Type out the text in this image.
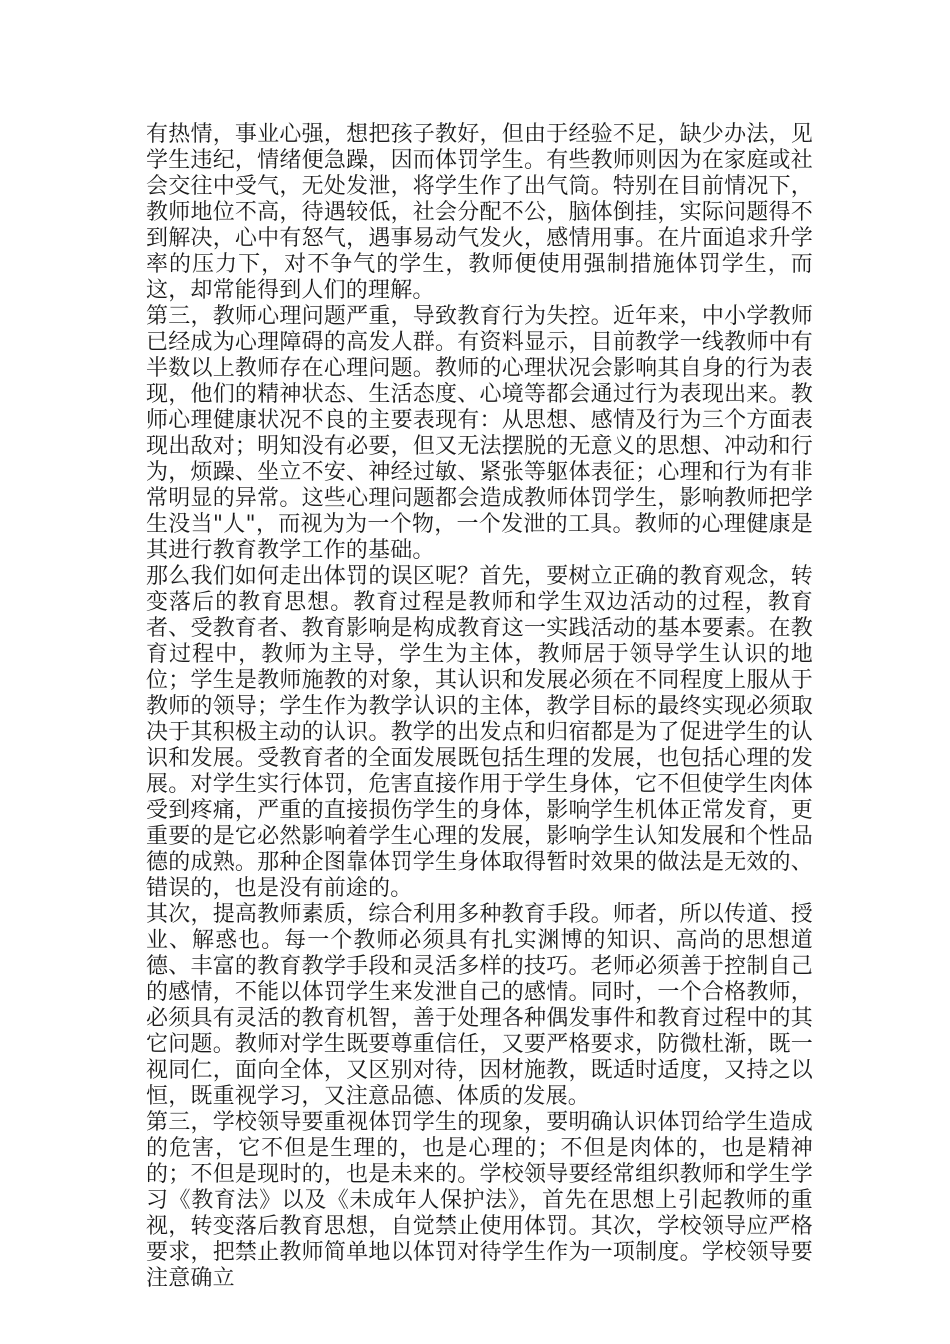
有热情，事业心强，想把孩子教好，但由于经验不足，缺少办法，见学生违纪，情绪便急躁，因而体罚学生。有些教师则因为在家庭或社会交往中受气，无处发泄，将学生作了出气筒。特别在目前情况下，教师地位不高，待遇较低，社会分配不公，脑体倒挂，实际问题得不到解决，心中有怒气，遇事易动气发火，感情用事。在片面追求升学率的压力下，对不争气的学生，教师便使用强制措施体罚学生，而这，却常能得到人们的理解。

第三，教师心理问题严重，导致教育行为失控。近年来，中小学教师已经成为心理障碍的高发人群。有资料显示，目前教学一线教师中有半数以上教师存在心理问题。教师的心理状况会影响其自身的行为表现，他们的精神状态、生活态度、心境等都会通过行为表现出来。教师心理健康状况不良的主要表现有：从思想、感情及行为三个方面表现出敌对；明知没有必要，但又无法摆脱的无意义的思想、冲动和行为，烦躁、坐立不安、神经过敏、紧张等躯体表征；心理和行为有非常明显的异常。这些心理问题都会造成教师体罚学生，影响教师把学生没当"人"，而视为为一个物，一个发泄的工具。教师的心理健康是其进行教育教学工作的基础。

那么我们如何走出体罚的误区呢？首先，要树立正确的教育观念，转变落后的教育思想。教育过程是教师和学生双边活动的过程，教育者、受教育者、教育影响是构成教育这一实践活动的基本要素。在教育过程中，教师为主导，学生为主体，教师居于领导学生认识的地位；学生是教师施教的对象，其认识和发展必须在不同程度上服从于教师的领导；学生作为教学认识的主体，教学目标的最终实现必须取决于其积极主动的认识。教学的出发点和归宿都是为了促进学生的认识和发展。受教育者的全面发展既包括生理的发展，也包括心理的发展。对学生实行体罚，危害直接作用于学生身体，它不但使学生肉体受到疼痛，严重的直接损伤学生的身体，影响学生机体正常发育，更重要的是它必然影响着学生心理的发展，影响学生认知发展和个性品德的成熟。那种企图靠体罚学生身体取得暂时效果的做法是无效的、错误的，也是没有前途的。

其次，提高教师素质，综合利用多种教育手段。师者，所以传道、授业、解惑也。每一个教师必须具有扎实渊博的知识、高尚的思想道德、丰富的教育教学手段和灵活多样的技巧。老师必须善于控制自己的感情，不能以体罚学生来发泄自己的感情。同时，一个合格教师，必须具有灵活的教育机智，善于处理各种偶发事件和教育过程中的其它问题。教师对学生既要尊重信任，又要严格要求，防微杜渐，既一视同仁，面向全体，又区别对待，因材施教，既适时适度，又持之以恒，既重视学习，又注意品德、体质的发展。

第三，学校领导要重视体罚学生的现象，要明确认识体罚给学生造成的危害，它不但是生理的，也是心理的；不但是肉体的，也是精神的；不但是现时的，也是未来的。学校领导要经常组织教师和学生学习《教育法》以及《未成年人保护法》，首先在思想上引起教师的重视，转变落后教育思想，自觉禁止使用体罚。其次，学校领导应严格要求，把禁止教师简单地以体罚对待学生作为一项制度。学校领导要注意确立
